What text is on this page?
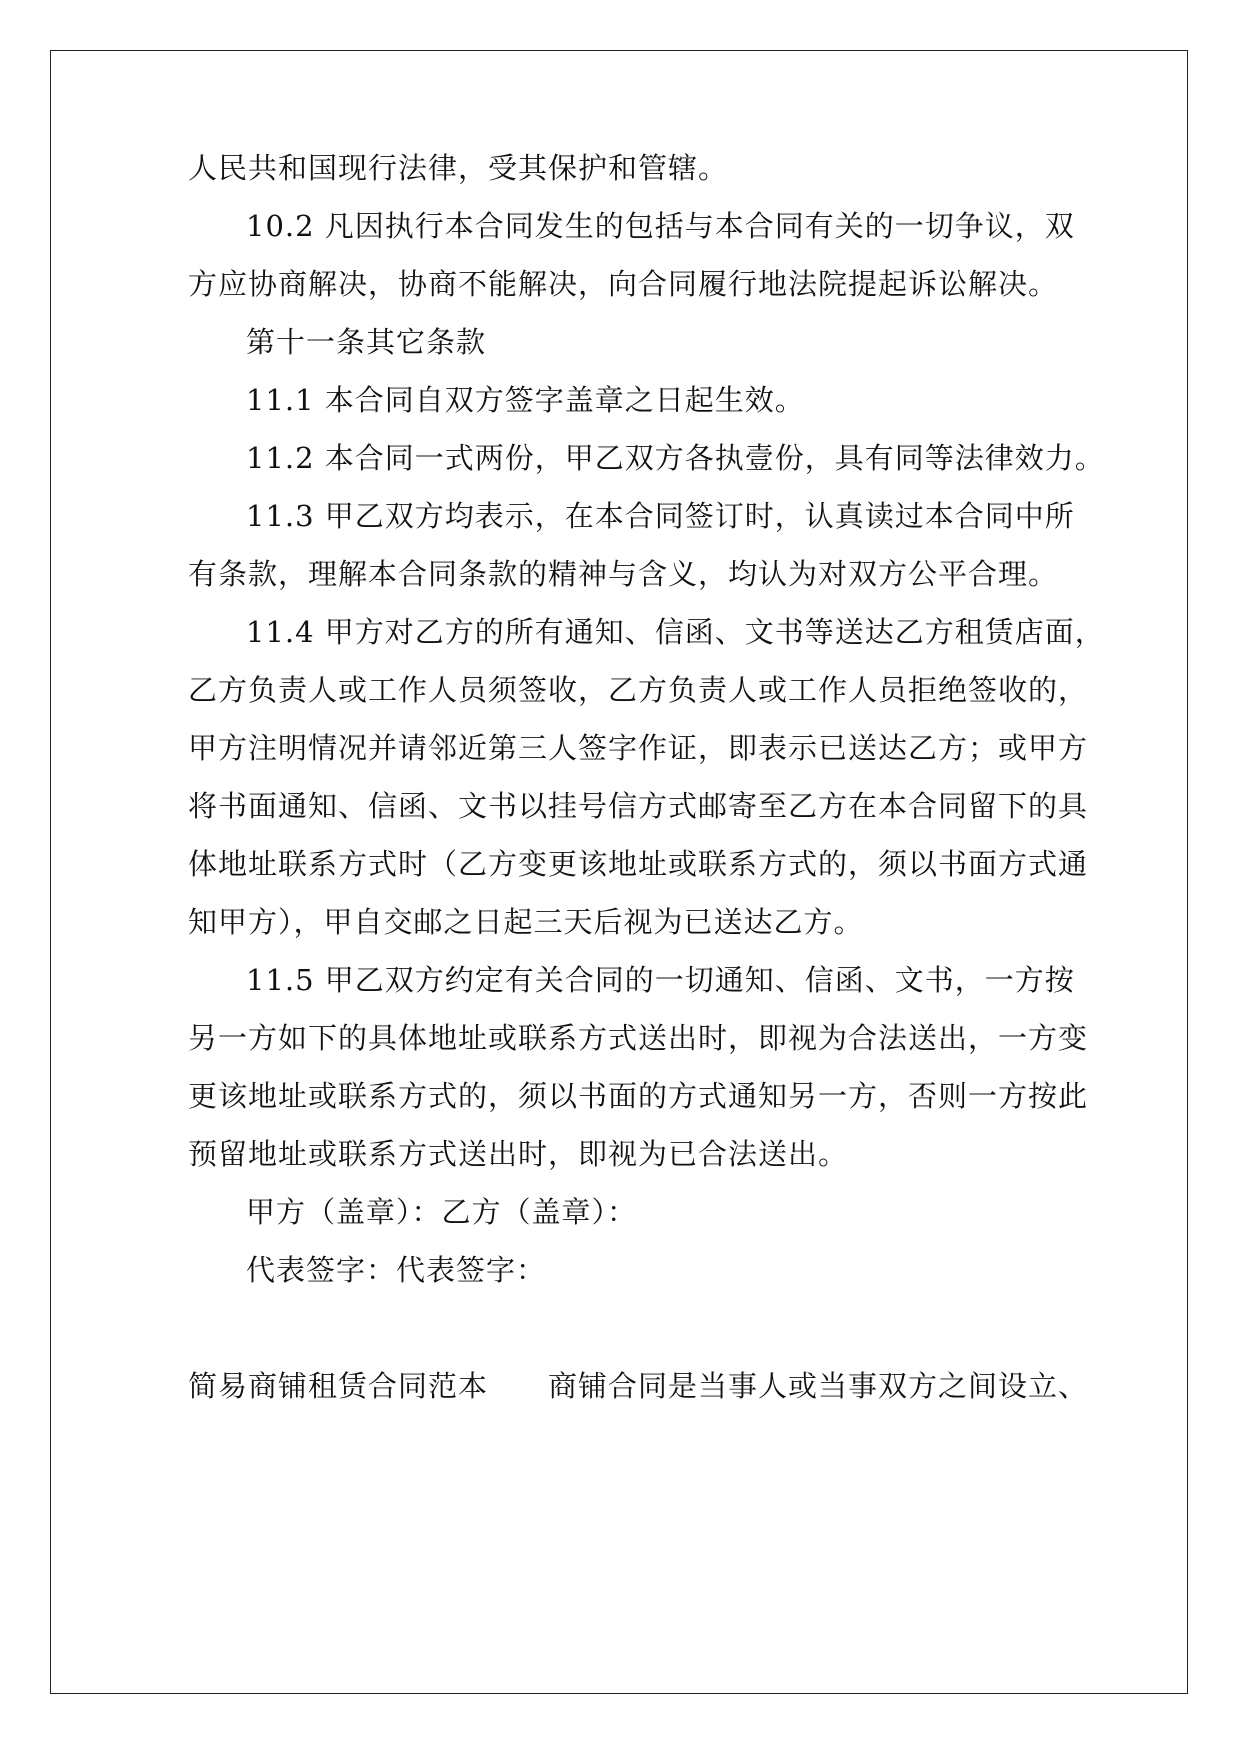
人民共和国现行法律，受其保护和管辖。
10.2 凡因执行本合同发生的包括与本合同有关的一切争议，双
方应协商解决，协商不能解决，向合同履行地法院提起诉讼解决。
第十一条其它条款
11.1 本合同自双方签字盖章之日起生效。
11.2 本合同一式两份，甲乙双方各执壹份，具有同等法律效力。
11.3 甲乙双方均表示，在本合同签订时，认真读过本合同中所
有条款，理解本合同条款的精神与含义，均认为对双方公平合理。
11.4 甲方对乙方的所有通知、信函、文书等送达乙方租赁店面，
乙方负责人或工作人员须签收，乙方负责人或工作人员拒绝签收的，
甲方注明情况并请邻近第三人签字作证，即表示已送达乙方；或甲方
将书面通知、信函、文书以挂号信方式邮寄至乙方在本合同留下的具
体地址联系方式时（乙方变更该地址或联系方式的，须以书面方式通
知甲方），甲自交邮之日起三天后视为已送达乙方。
11.5 甲乙双方约定有关合同的一切通知、信函、文书，一方按
另一方如下的具体地址或联系方式送出时，即视为合法送出，一方变
更该地址或联系方式的，须以书面的方式通知另一方，否则一方按此
预留地址或联系方式送出时，即视为已合法送出。
甲方（盖章）：乙方（盖章）：
代表签字：代表签字：
简易商铺租赁合同范本　　商铺合同是当事人或当事双方之间设立、
